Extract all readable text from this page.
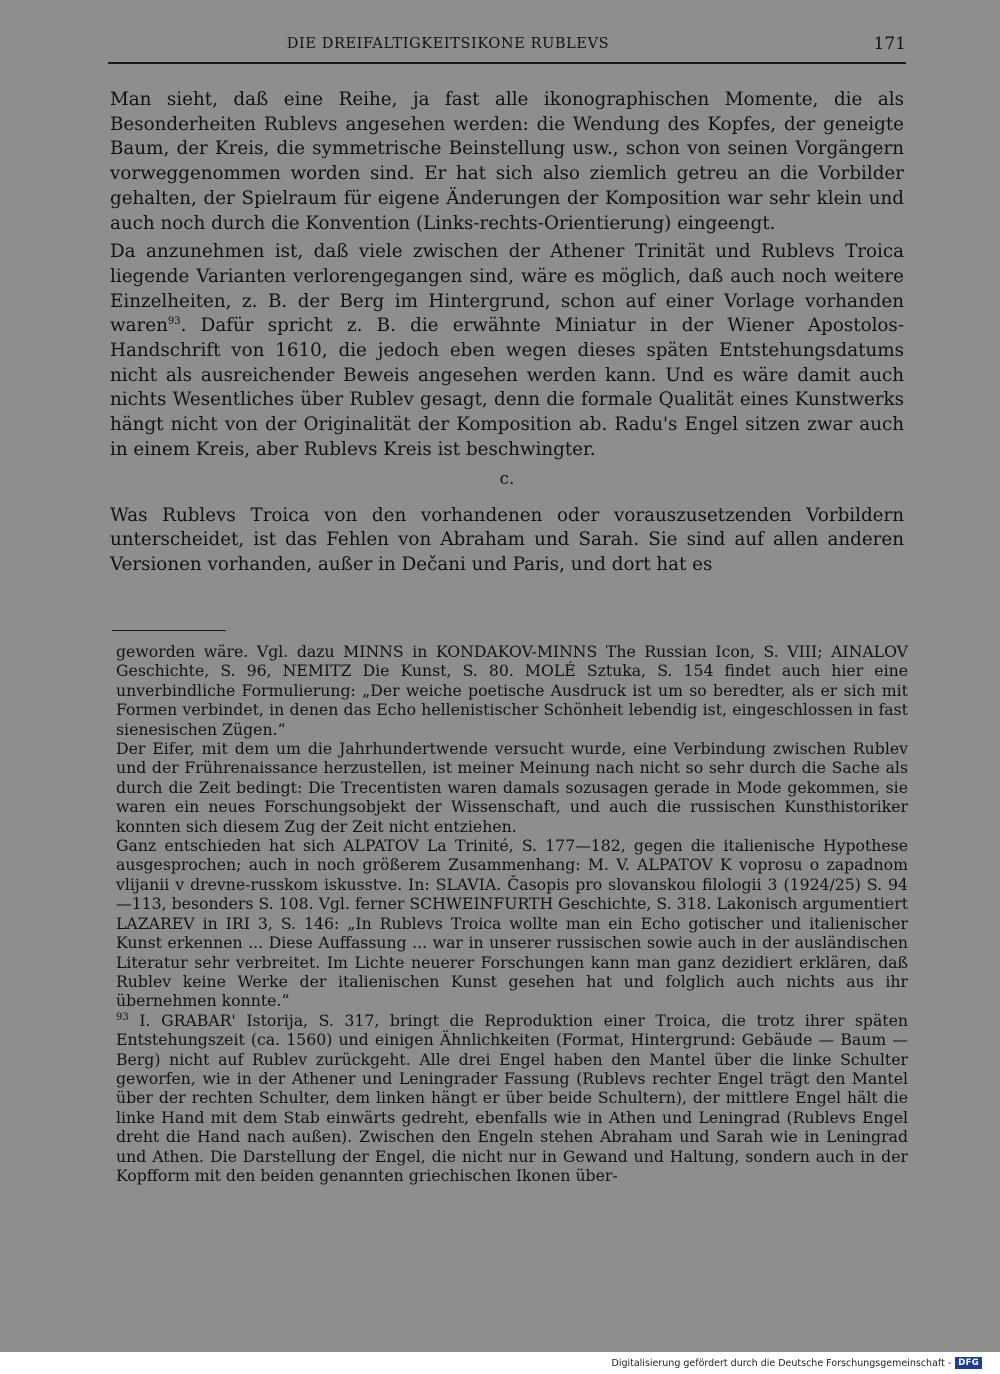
DIE DREIFALTIGKEITSIKONE RUBLEVS	171

Man sieht, daß eine Reihe, ja fast alle ikonographischen Momente, die als Besonderheiten Rublevs angesehen werden: die Wendung des Kopfes, der geneigte Baum, der Kreis, die symmetrische Beinstellung usw., schon von seinen Vorgängern vorweggenommen worden sind. Er hat sich also ziemlich getreu an die Vorbilder gehalten, der Spielraum für eigene Änderungen der Komposition war sehr klein und auch noch durch die Konvention (Links-rechts-Orientierung) eingeengt.

Da anzunehmen ist, daß viele zwischen der Athener Trinität und Rublevs Troica liegende Varianten verlorengegangen sind, wäre es möglich, daß auch noch weitere Einzelheiten, z. B. der Berg im Hintergrund, schon auf einer Vorlage vorhanden waren$^{93}$. Dafür spricht z. B. die erwähnte Miniatur in der Wiener Apostolos-Handschrift von 1610, die jedoch eben wegen dieses späten Entstehungsdatums nicht als ausreichender Beweis angesehen werden kann. Und es wäre damit auch nichts Wesentliches über Rublev gesagt, denn die formale Qualität eines Kunstwerks hängt nicht von der Originalität der Komposition ab. Radu's Engel sitzen zwar auch in einem Kreis, aber Rublevs Kreis ist beschwingter.

c.

Was Rublevs Troica von den vorhandenen oder vorauszusetzenden Vorbildern unterscheidet, ist das Fehlen von Abraham und Sarah. Sie sind auf allen anderen Versionen vorhanden, außer in Dečani und Paris, und dort hat es

geworden wäre. Vgl. dazu MINNS in KONDAKOV-MINNS The Russian Icon, S. VIII; AINALOV Geschichte, S. 96, NEMITZ Die Kunst, S. 80. MOLÉ Sztuka, S. 154 findet auch hier eine unverbindliche Formulierung: „Der weiche poetische Ausdruck ist um so beredter, als er sich mit Formen verbindet, in denen das Echo hellenistischer Schönheit lebendig ist, eingeschlossen in fast sienesischen Zügen.“

Der Eifer, mit dem um die Jahrhundertwende versucht wurde, eine Verbindung zwischen Rublev und der Frührenaissance herzustellen, ist meiner Meinung nach nicht so sehr durch die Sache als durch die Zeit bedingt: Die Trecentisten waren damals sozusagen gerade in Mode gekommen, sie waren ein neues Forschungsobjekt der Wissenschaft, und auch die russischen Kunsthistoriker konnten sich diesem Zug der Zeit nicht entziehen.

Ganz entschieden hat sich ALPATOV La Trinité, S. 177—182, gegen die italienische Hypothese ausgesprochen; auch in noch größerem Zusammenhang: M. V. ALPATOV K voprosu o zapadnom vlijanii v drevne-russkom iskusstve. In: SLAVIA. Časopis pro slovanskou filologii 3 (1924/25) S. 94—113, besonders S. 108. Vgl. ferner SCHWEINFURTH Geschichte, S. 318. Lakonisch argumentiert LAZAREV in IRI 3, S. 146: „In Rublevs Troica wollte man ein Echo gotischer und italienischer Kunst erkennen ... Diese Auffassung ... war in unserer russischen sowie auch in der ausländischen Literatur sehr verbreitet. Im Lichte neuerer Forschungen kann man ganz dezidiert erklären, daß Rublev keine Werke der italienischen Kunst gesehen hat und folglich auch nichts aus ihr übernehmen konnte.“

$^{93}$ I. GRABAR' Istorija, S. 317, bringt die Reproduktion einer Troica, die trotz ihrer späten Entstehungszeit (ca. 1560) und einigen Ähnlichkeiten (Format, Hintergrund: Gebäude — Baum — Berg) nicht auf Rublev zurückgeht. Alle drei Engel haben den Mantel über die linke Schulter geworfen, wie in der Athener und Leningrader Fassung (Rublevs rechter Engel trägt den Mantel über der rechten Schulter, dem linken hängt er über beide Schultern), der mittlere Engel hält die linke Hand mit dem Stab einwärts gedreht, ebenfalls wie in Athen und Leningrad (Rublevs Engel dreht die Hand nach außen). Zwischen den Engeln stehen Abraham und Sarah wie in Leningrad und Athen. Die Darstellung der Engel, die nicht nur in Gewand und Haltung, sondern auch in der Kopfform mit den beiden genannten griechischen Ikonen über-

Digitalisierung gefördert durch die Deutsche Forschungsgemeinschaft - DFG
